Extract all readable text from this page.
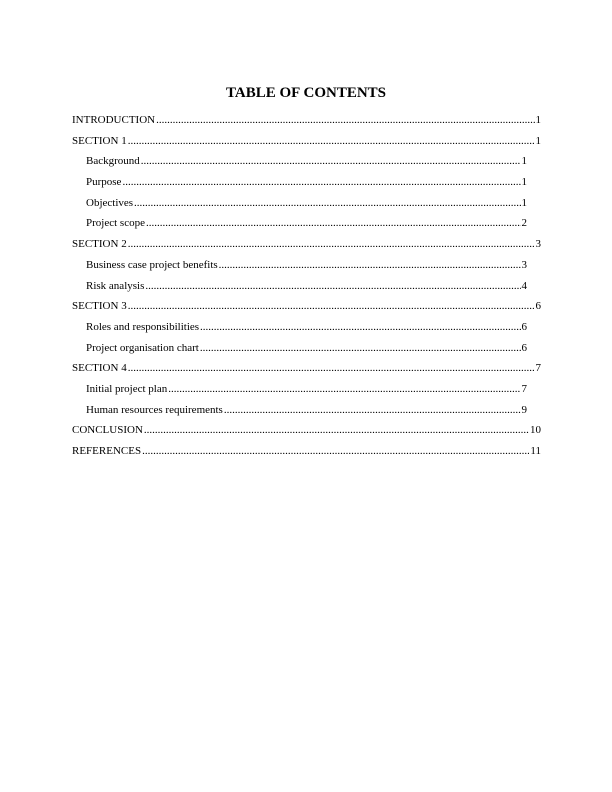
TABLE OF CONTENTS
INTRODUCTION .....	1
SECTION 1 .....	1
Background .....	1
Purpose .....	1
Objectives .....	1
Project scope .....	2
SECTION 2 .....	3
Business case project benefits .....	3
Risk analysis .....	4
SECTION 3 .....	6
Roles and responsibilities .....	6
Project organisation chart .....	6
SECTION 4 .....	7
Initial project plan .....	7
Human resources requirements .....	9
CONCLUSION .....	10
REFERENCES .....	11
